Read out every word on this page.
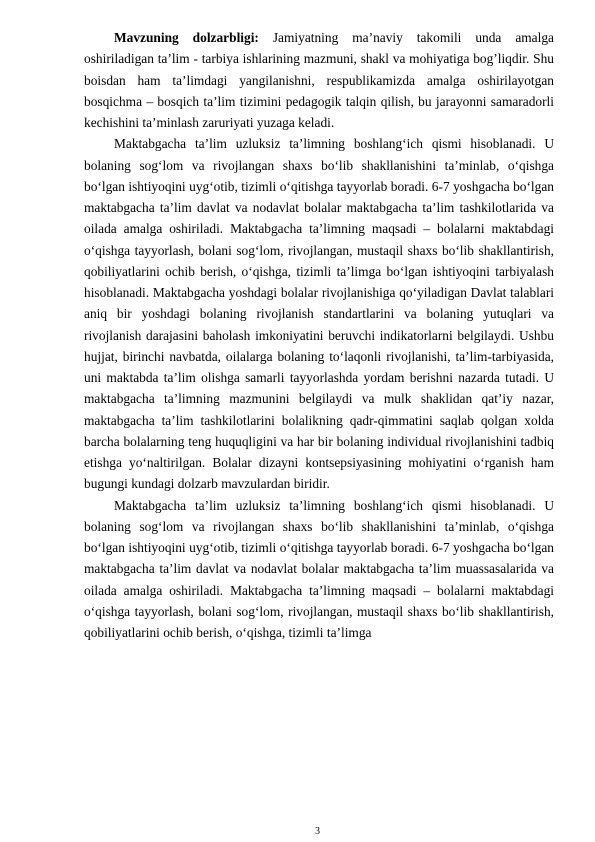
Mavzuning dolzarbligi: Jamiyatning ma’naviy takomili unda amalga oshiriladigan ta’lim - tarbiya ishlarining mazmuni, shakl va mohiyatiga bog’liqdir. Shu boisdan ham ta’limdagi yangilanishni, respublikamizda amalga oshirilayotgan bosqichma – bosqich ta’lim tizimini pedagogik talqin qilish, bu jarayonni samaradorli kechishini ta’minlash zaruriyati yuzaga keladi.

Maktabgacha ta’lim uzluksiz ta’limning boshlang‘ich qismi hisoblanadi. U bolaning sog‘lom va rivojlangan shaxs bo‘lib shakllanishini ta’minlab, o‘qishga bo‘lgan ishtiyoqini uyg‘otib, tizimli o‘qitishga tayyorlab boradi. 6-7 yoshgacha bo‘lgan maktabgacha ta’lim davlat va nodavlat bolalar maktabgacha ta’lim tashkilotlarida va oilada amalga oshiriladi. Maktabgacha ta’limning maqsadi – bolalarni maktabdagi o‘qishga tayyorlash, bolani sog‘lom, rivojlangan, mustaqil shaxs bo‘lib shakllantirish, qobiliyatlarini ochib berish, o‘qishga, tizimli ta’limga bo‘lgan ishtiyoqini tarbiyalash hisoblanadi. Maktabgacha yoshdagi bolalar rivojlanishiga qo‘yiladigan Davlat talablari aniq bir yoshdagi bolaning rivojlanish standartlarini va bolaning yutuqlari va rivojlanish darajasini baholash imkoniyatini beruvchi indikatorlarni belgilaydi. Ushbu hujjat, birinchi navbatda, oilalarga bolaning to‘laqonli rivojlanishi, ta’lim-tarbiyasida, uni maktabda ta’lim olishga samarli tayyorlashda yordam berishni nazarda tutadi. U maktabgacha ta’limning mazmunini belgilaydi va mulk shaklidan qat’iy nazar, maktabgacha ta’lim tashkilotlarini bolalikning qadr-qimmatini saqlab qolgan xolda barcha bolalarning teng huquqligini va har bir bolaning individual rivojlanishini tadbiq etishga yo‘naltirilgan. Bolalar dizayni kontsepsiyasining mohiyatini o‘rganish ham bugungi kundagi dolzarb mavzulardan biridir.

Maktabgacha ta’lim uzluksiz ta’limning boshlang‘ich qismi hisoblanadi. U bolaning sog‘lom va rivojlangan shaxs bo‘lib shakllanishini ta’minlab, o‘qishga bo‘lgan ishtiyoqini uyg‘otib, tizimli o‘qitishga tayyorlab boradi. 6-7 yoshgacha bo‘lgan maktabgacha ta’lim davlat va nodavlat bolalar maktabgacha ta’lim muassasalarida va oilada amalga oshiriladi. Maktabgacha ta’limning maqsadi – bolalarni maktabdagi o‘qishga tayyorlash, bolani sog‘lom, rivojlangan, mustaqil shaxs bo‘lib shakllantirish, qobiliyatlarini ochib berish, o‘qishga, tizimli ta’limga

3
